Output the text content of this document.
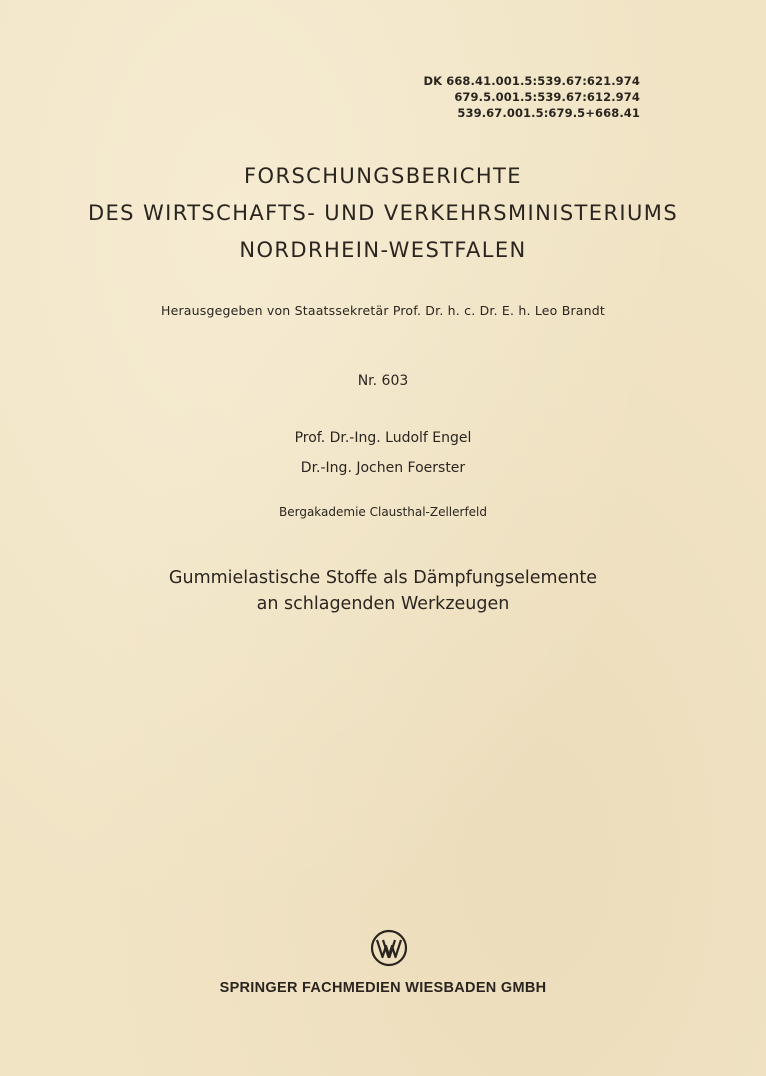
DK 668.41.001.5:539.67:621.974
679.5.001.5:539.67:612.974
539.67.001.5:679.5+668.41
FORSCHUNGSBERICHTE
DES WIRTSCHAFTS- UND VERKEHRSMINISTERIUMS
NORDRHEIN-WESTFALEN
Herausgegeben von Staatssekretär Prof. Dr. h. c. Dr. E. h. Leo Brandt
Nr. 603
Prof. Dr.-Ing. Ludolf Engel
Dr.-Ing. Jochen Foerster
Bergakademie Clausthal-Zellerfeld
Gummielastische Stoffe als Dämpfungselemente
an schlagenden Werkzeugen
SPRINGER FACHMEDIEN WIESBADEN GMBH
